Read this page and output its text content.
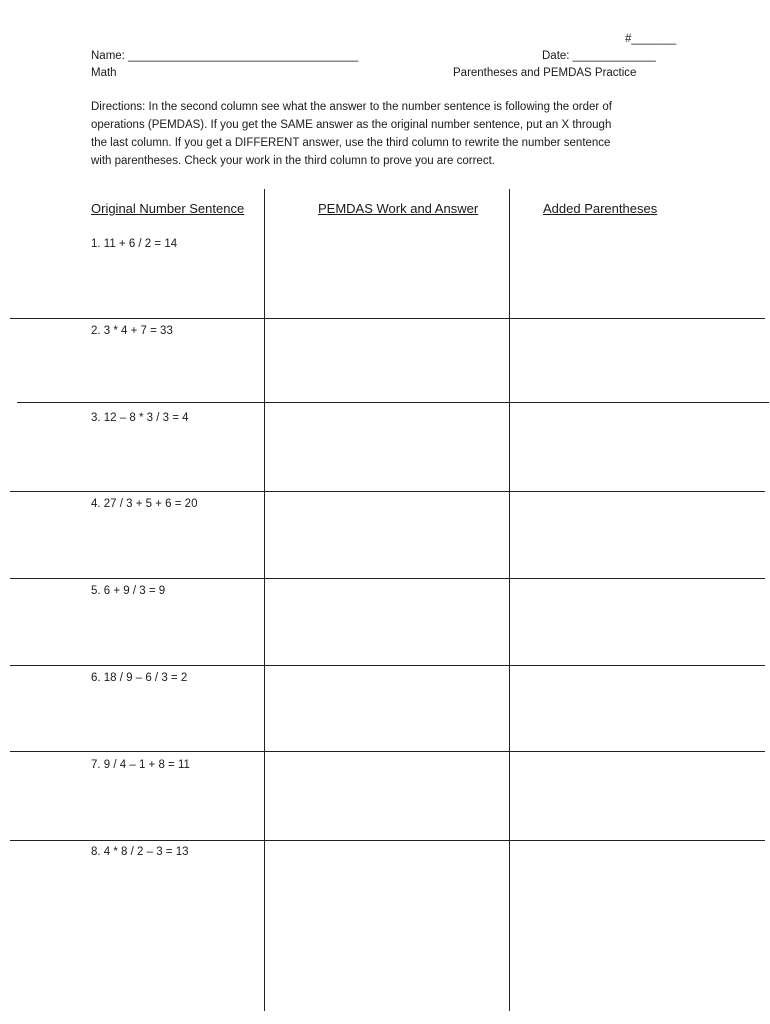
#_______
Name: ____________________________________	Date: _____________
Math	Parentheses and PEMDAS Practice
Directions: In the second column see what the answer to the number sentence is following the order of
operations (PEMDAS). If you get the SAME answer as the original number sentence, put an X through
the last column. If you get a DIFFERENT answer, use the third column to rewrite the number sentence
with parentheses. Check your work in the third column to prove you are correct.
Original Number Sentence	PEMDAS Work and Answer	Added Parentheses
1. 11 + 6 / 2 = 14
2. 3 * 4 + 7 = 33
3. 12 – 8 * 3 / 3 = 4
4. 27 / 3 + 5 + 6 = 20
5. 6 + 9 / 3 = 9
6. 18 / 9 – 6 / 3 = 2
7. 9 / 4 – 1 + 8 = 11
8. 4 * 8 / 2 – 3 = 13
